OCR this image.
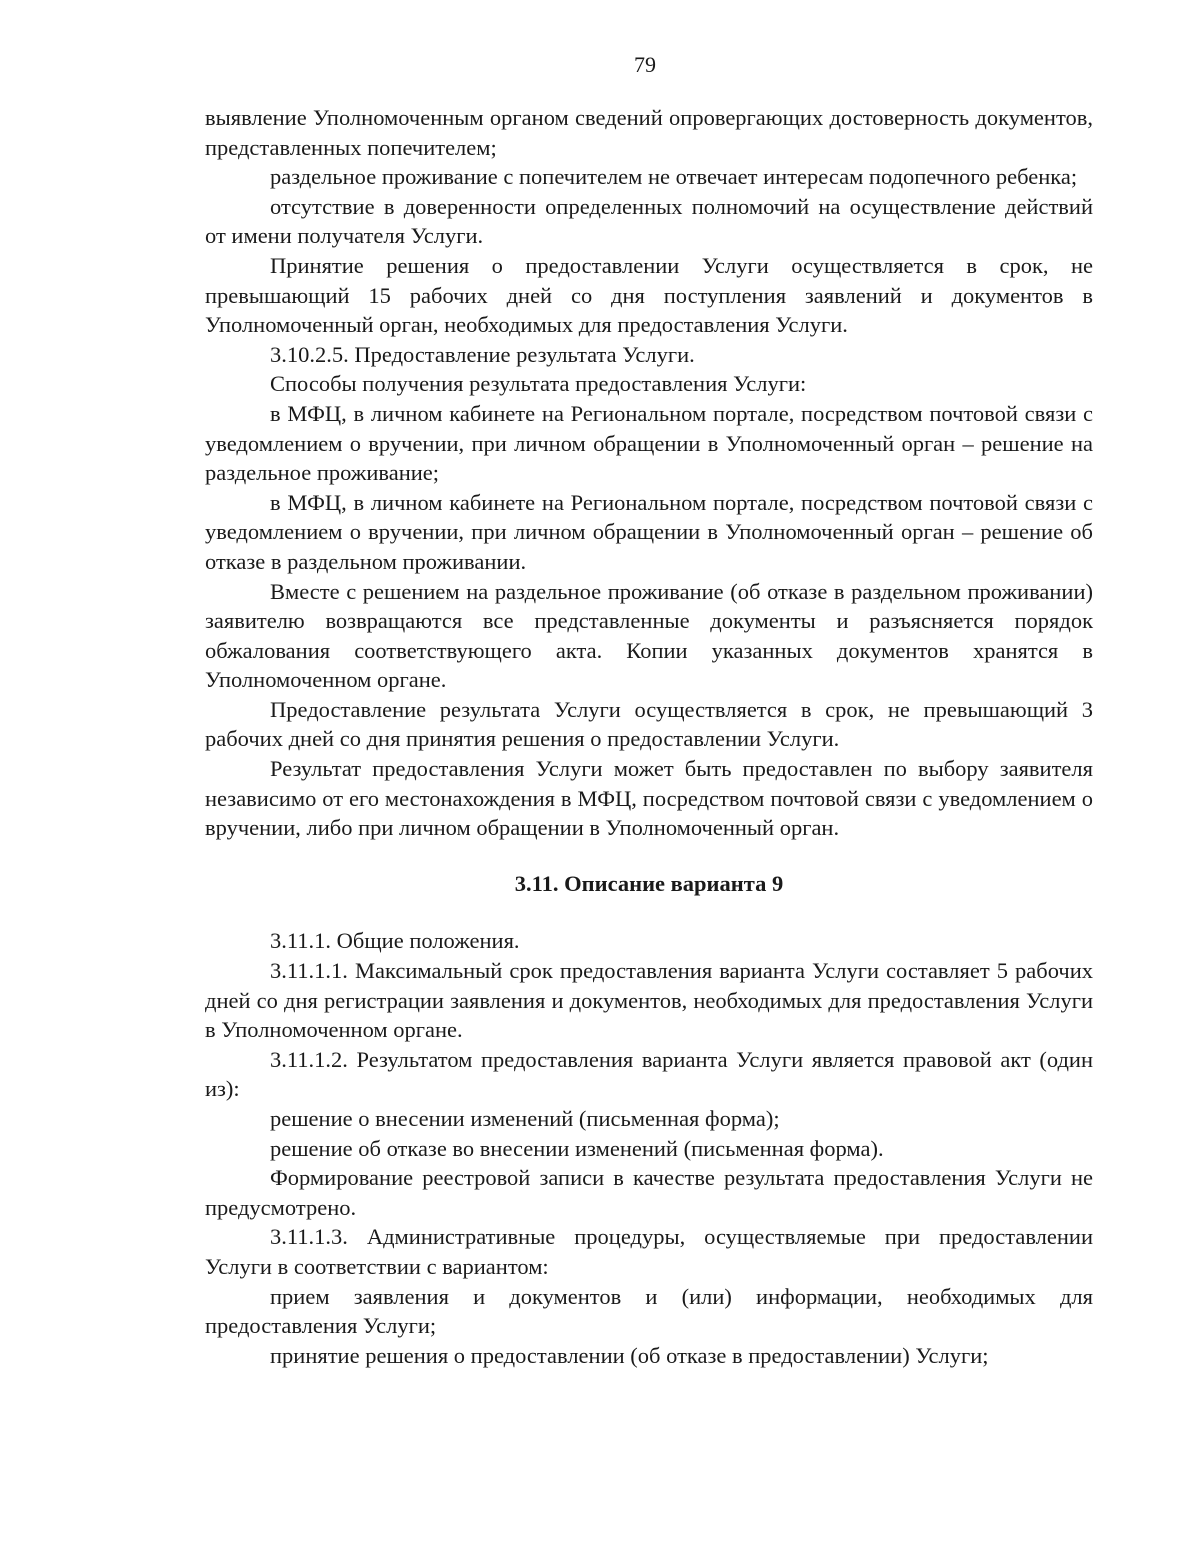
79

выявление Уполномоченным органом сведений опровергающих достоверность документов, представленных попечителем;

раздельное проживание с попечителем не отвечает интересам подопечного ребенка;

отсутствие в доверенности определенных полномочий на осуществление действий от имени получателя Услуги.

Принятие решения о предоставлении Услуги осуществляется в срок, не превышающий 15 рабочих дней со дня поступления заявлений и документов в Уполномоченный орган, необходимых для предоставления Услуги.

3.10.2.5. Предоставление результата Услуги.

Способы получения результата предоставления Услуги:

в МФЦ, в личном кабинете на Региональном портале, посредством почтовой связи с уведомлением о вручении, при личном обращении в Уполномоченный орган – решение на раздельное проживание;

в МФЦ, в личном кабинете на Региональном портале, посредством почтовой связи с уведомлением о вручении, при личном обращении в Уполномоченный орган – решение об отказе в раздельном проживании.

Вместе с решением на раздельное проживание (об отказе в раздельном проживании) заявителю возвращаются все представленные документы и разъясняется порядок обжалования соответствующего акта. Копии указанных документов хранятся в Уполномоченном органе.

Предоставление результата Услуги осуществляется в срок, не превышающий 3 рабочих дней со дня принятия решения о предоставлении Услуги.

Результат предоставления Услуги может быть предоставлен по выбору заявителя независимо от его местонахождения в МФЦ, посредством почтовой связи с уведомлением о вручении, либо при личном обращении в Уполномоченный орган.

3.11. Описание варианта 9

3.11.1. Общие положения.

3.11.1.1. Максимальный срок предоставления варианта Услуги составляет 5 рабочих дней со дня регистрации заявления и документов, необходимых для предоставления Услуги в Уполномоченном органе.

3.11.1.2. Результатом предоставления варианта Услуги является правовой акт (один из):

решение о внесении изменений (письменная форма);

решение об отказе во внесении изменений (письменная форма).

Формирование реестровой записи в качестве результата предоставления Услуги не предусмотрено.

3.11.1.3. Административные процедуры, осуществляемые при предоставлении Услуги в соответствии с вариантом:

прием заявления и документов и (или) информации, необходимых для предоставления Услуги;

принятие решения о предоставлении (об отказе в предоставлении) Услуги;
